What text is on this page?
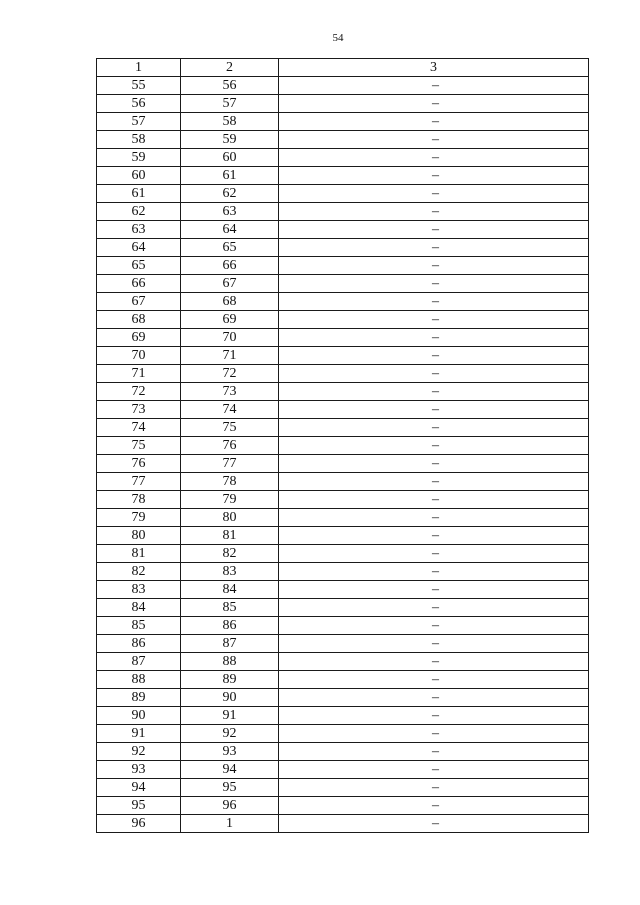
54
1	2	3
55	56	–
56	57	–
57	58	–
58	59	–
59	60	–
60	61	–
61	62	–
62	63	–
63	64	–
64	65	–
65	66	–
66	67	–
67	68	–
68	69	–
69	70	–
70	71	–
71	72	–
72	73	–
73	74	–
74	75	–
75	76	–
76	77	–
77	78	–
78	79	–
79	80	–
80	81	–
81	82	–
82	83	–
83	84	–
84	85	–
85	86	–
86	87	–
87	88	–
88	89	–
89	90	–
90	91	–
91	92	–
92	93	–
93	94	–
94	95	–
95	96	–
96	1	–
